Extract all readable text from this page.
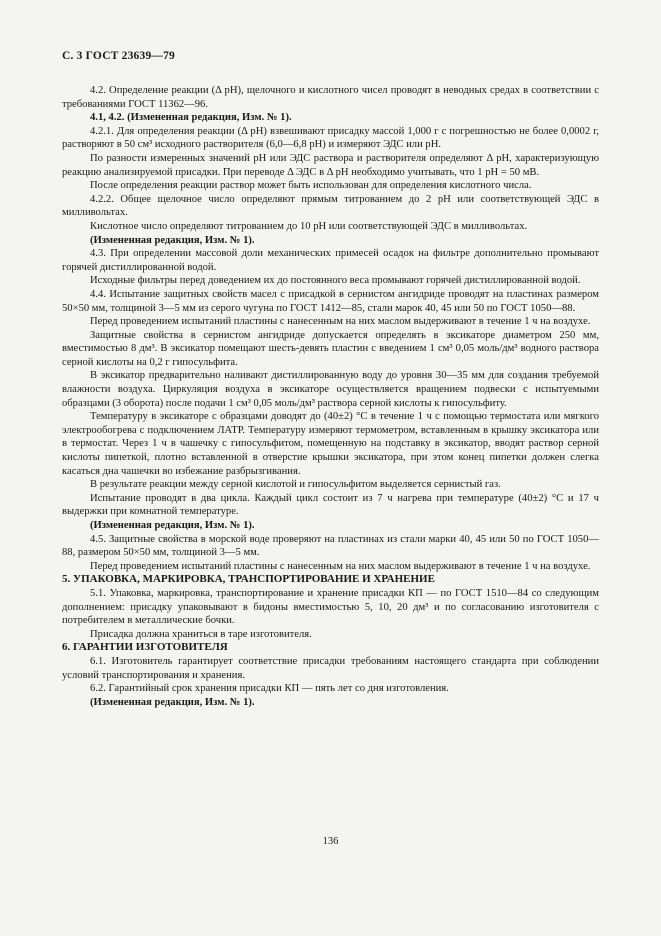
С. 3 ГОСТ 23639—79

4.2. Определение реакции (Δ pH), щелочного и кислотного чисел проводят в неводных средах в соответствии с требованиями ГОСТ 11362—96.

4.1, 4.2. (Измененная редакция, Изм. № 1).

4.2.1. Для определения реакции (Δ pH) взвешивают присадку массой 1,000 г с погрешностью не более 0,0002 г, растворяют в 50 см³ исходного растворителя (6,0—6,8 pH) и измеряют ЭДС или pH.

По разности измеренных значений pH или ЭДС раствора и растворителя определяют Δ pH, характеризующую реакцию анализируемой присадки. При переводе Δ ЭДС в Δ pH необходимо учитывать, что 1 pH = 50 мВ.

После определения реакции раствор может быть использован для определения кислотного числа.

4.2.2. Общее щелочное число определяют прямым титрованием до 2 pH или соответствующей ЭДС в милливольтах.

Кислотное число определяют титрованием до 10 pH или соответствующей ЭДС в милливольтах.

(Измененная редакция, Изм. № 1).

4.3. При определении массовой доли механических примесей осадок на фильтре дополнительно промывают горячей дистиллированной водой.

Исходные фильтры перед доведением их до постоянного веса промывают горячей дистиллированной водой.

4.4. Испытание защитных свойств масел с присадкой в сернистом ангидриде проводят на пластинах размером 50×50 мм, толщиной 3—5 мм из серого чугуна по ГОСТ 1412—85, стали марок 40, 45 или 50 по ГОСТ 1050—88.

Перед проведением испытаний пластины с нанесенным на них маслом выдерживают в течение 1 ч на воздухе.

Защитные свойства в сернистом ангидриде допускается определять в эксикаторе диаметром 250 мм, вместимостью 8 дм³. В эксикатор помещают шесть-девять пластин с введением 1 см³ 0,05 моль/дм³ водного раствора серной кислоты на 0,2 г гипосульфита.

В эксикатор предварительно наливают дистиллированную воду до уровня 30—35 мм для создания требуемой влажности воздуха. Циркуляция воздуха в эксикаторе осуществляется вращением подвески с испытуемыми образцами (3 оборота) после подачи 1 см³ 0,05 моль/дм³ раствора серной кислоты к гипосульфиту.

Температуру в эксикаторе с образцами доводят до (40±2) °С в течение 1 ч с помощью термостата или мягкого электрообогрева с подключением ЛАТР. Температуру измеряют термометром, вставленным в крышку эксикатора или в термостат. Через 1 ч в чашечку с гипосульфитом, помещенную на подставку в эксикатор, вводят раствор серной кислоты пипеткой, плотно вставленной в отверстие крышки эксикатора, при этом конец пипетки должен слегка касаться дна чашечки во избежание разбрызгивания.

В результате реакции между серной кислотой и гипосульфитом выделяется сернистый газ.

Испытание проводят в два цикла. Каждый цикл состоит из 7 ч нагрева при температуре (40±2) °С и 17 ч выдержки при комнатной температуре.

(Измененная редакция, Изм. № 1).

4.5. Защитные свойства в морской воде проверяют на пластинах из стали марки 40, 45 или 50 по ГОСТ 1050—88, размером 50×50 мм, толщиной 3—5 мм.

Перед проведением испытаний пластины с нанесенным на них маслом выдерживают в течение 1 ч на воздухе.

5. УПАКОВКА, МАРКИРОВКА, ТРАНСПОРТИРОВАНИЕ И ХРАНЕНИЕ

5.1. Упаковка, маркировка, транспортирование и хранение присадки КП — по ГОСТ 1510—84 со следующим дополнением: присадку упаковывают в бидоны вместимостью 5, 10, 20 дм³ и по согласованию изготовителя с потребителем в металлические бочки.

Присадка должна храниться в таре изготовителя.

6. ГАРАНТИИ ИЗГОТОВИТЕЛЯ

6.1. Изготовитель гарантирует соответствие присадки требованиям настоящего стандарта при соблюдении условий транспортирования и хранения.

6.2. Гарантийный срок хранения присадки КП — пять лет со дня изготовления.

(Измененная редакция, Изм. № 1).

136
